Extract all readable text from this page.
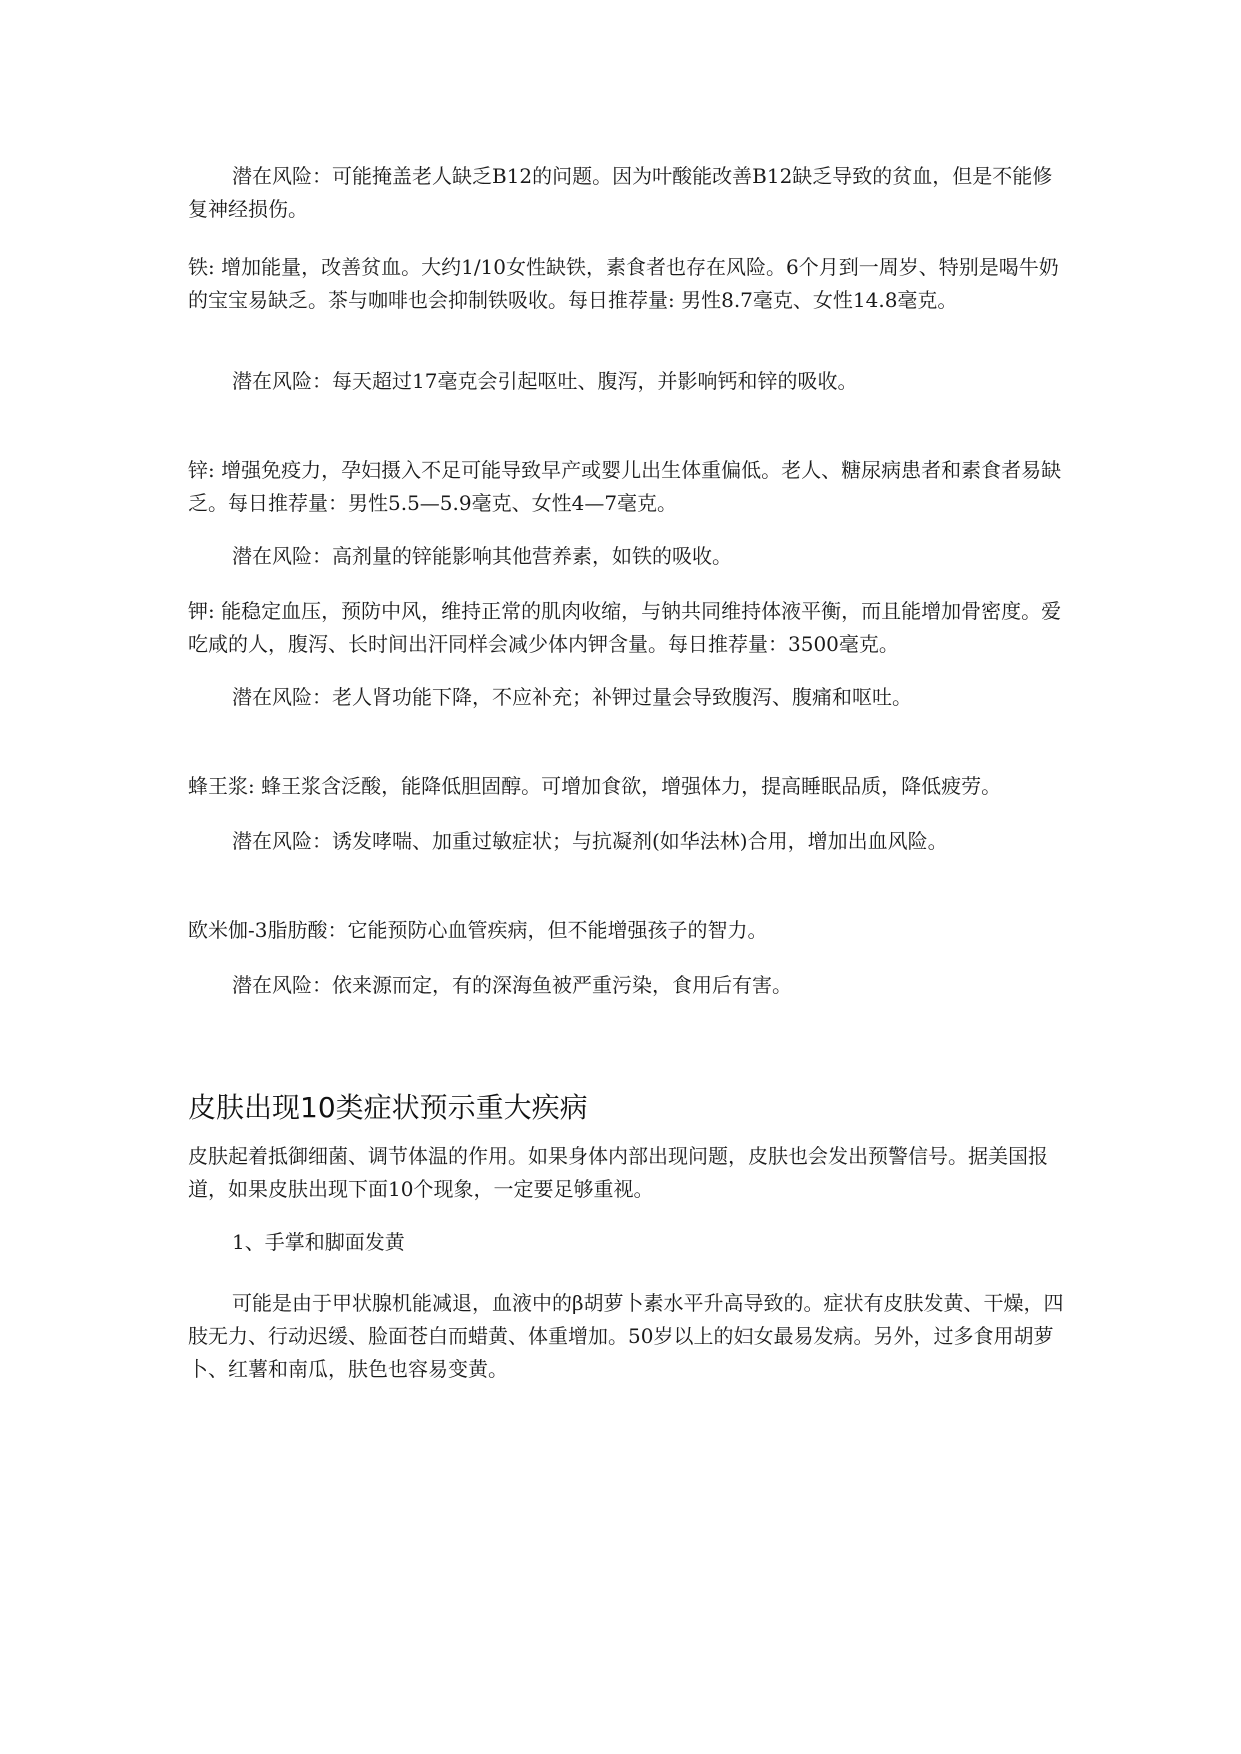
潜在风险：可能掩盖老人缺乏B12的问题。因为叶酸能改善B12缺乏导致的贫血，但是不能修复神经损伤。

铁: 增加能量，改善贫血。大约1/10女性缺铁，素食者也存在风险。6个月到一周岁、特别是喝牛奶的宝宝易缺乏。茶与咖啡也会抑制铁吸收。每日推荐量: 男性8.7毫克、女性14.8毫克。

潜在风险：每天超过17毫克会引起呕吐、腹泻，并影响钙和锌的吸收。

锌: 增强免疫力，孕妇摄入不足可能导致早产或婴儿出生体重偏低。老人、糖尿病患者和素食者易缺乏。每日推荐量：男性5.5—5.9毫克、女性4—7毫克。

潜在风险：高剂量的锌能影响其他营养素，如铁的吸收。

钾: 能稳定血压，预防中风，维持正常的肌肉收缩，与钠共同维持体液平衡，而且能增加骨密度。爱吃咸的人，腹泻、长时间出汗同样会减少体内钾含量。每日推荐量：3500毫克。

潜在风险：老人肾功能下降，不应补充；补钾过量会导致腹泻、腹痛和呕吐。

蜂王浆: 蜂王浆含泛酸，能降低胆固醇。可增加食欲，增强体力，提高睡眠品质，降低疲劳。

潜在风险：诱发哮喘、加重过敏症状；与抗凝剂(如华法林)合用，增加出血风险。

欧米伽-3脂肪酸：它能预防心血管疾病，但不能增强孩子的智力。

潜在风险：依来源而定，有的深海鱼被严重污染，食用后有害。

皮肤出现10类症状预示重大疾病

皮肤起着抵御细菌、调节体温的作用。如果身体内部出现问题，皮肤也会发出预警信号。据美国报道，如果皮肤出现下面10个现象，一定要足够重视。

1、手掌和脚面发黄

可能是由于甲状腺机能减退，血液中的β胡萝卜素水平升高导致的。症状有皮肤发黄、干燥，四肢无力、行动迟缓、脸面苍白而蜡黄、体重增加。50岁以上的妇女最易发病。另外，过多食用胡萝卜、红薯和南瓜，肤色也容易变黄。
